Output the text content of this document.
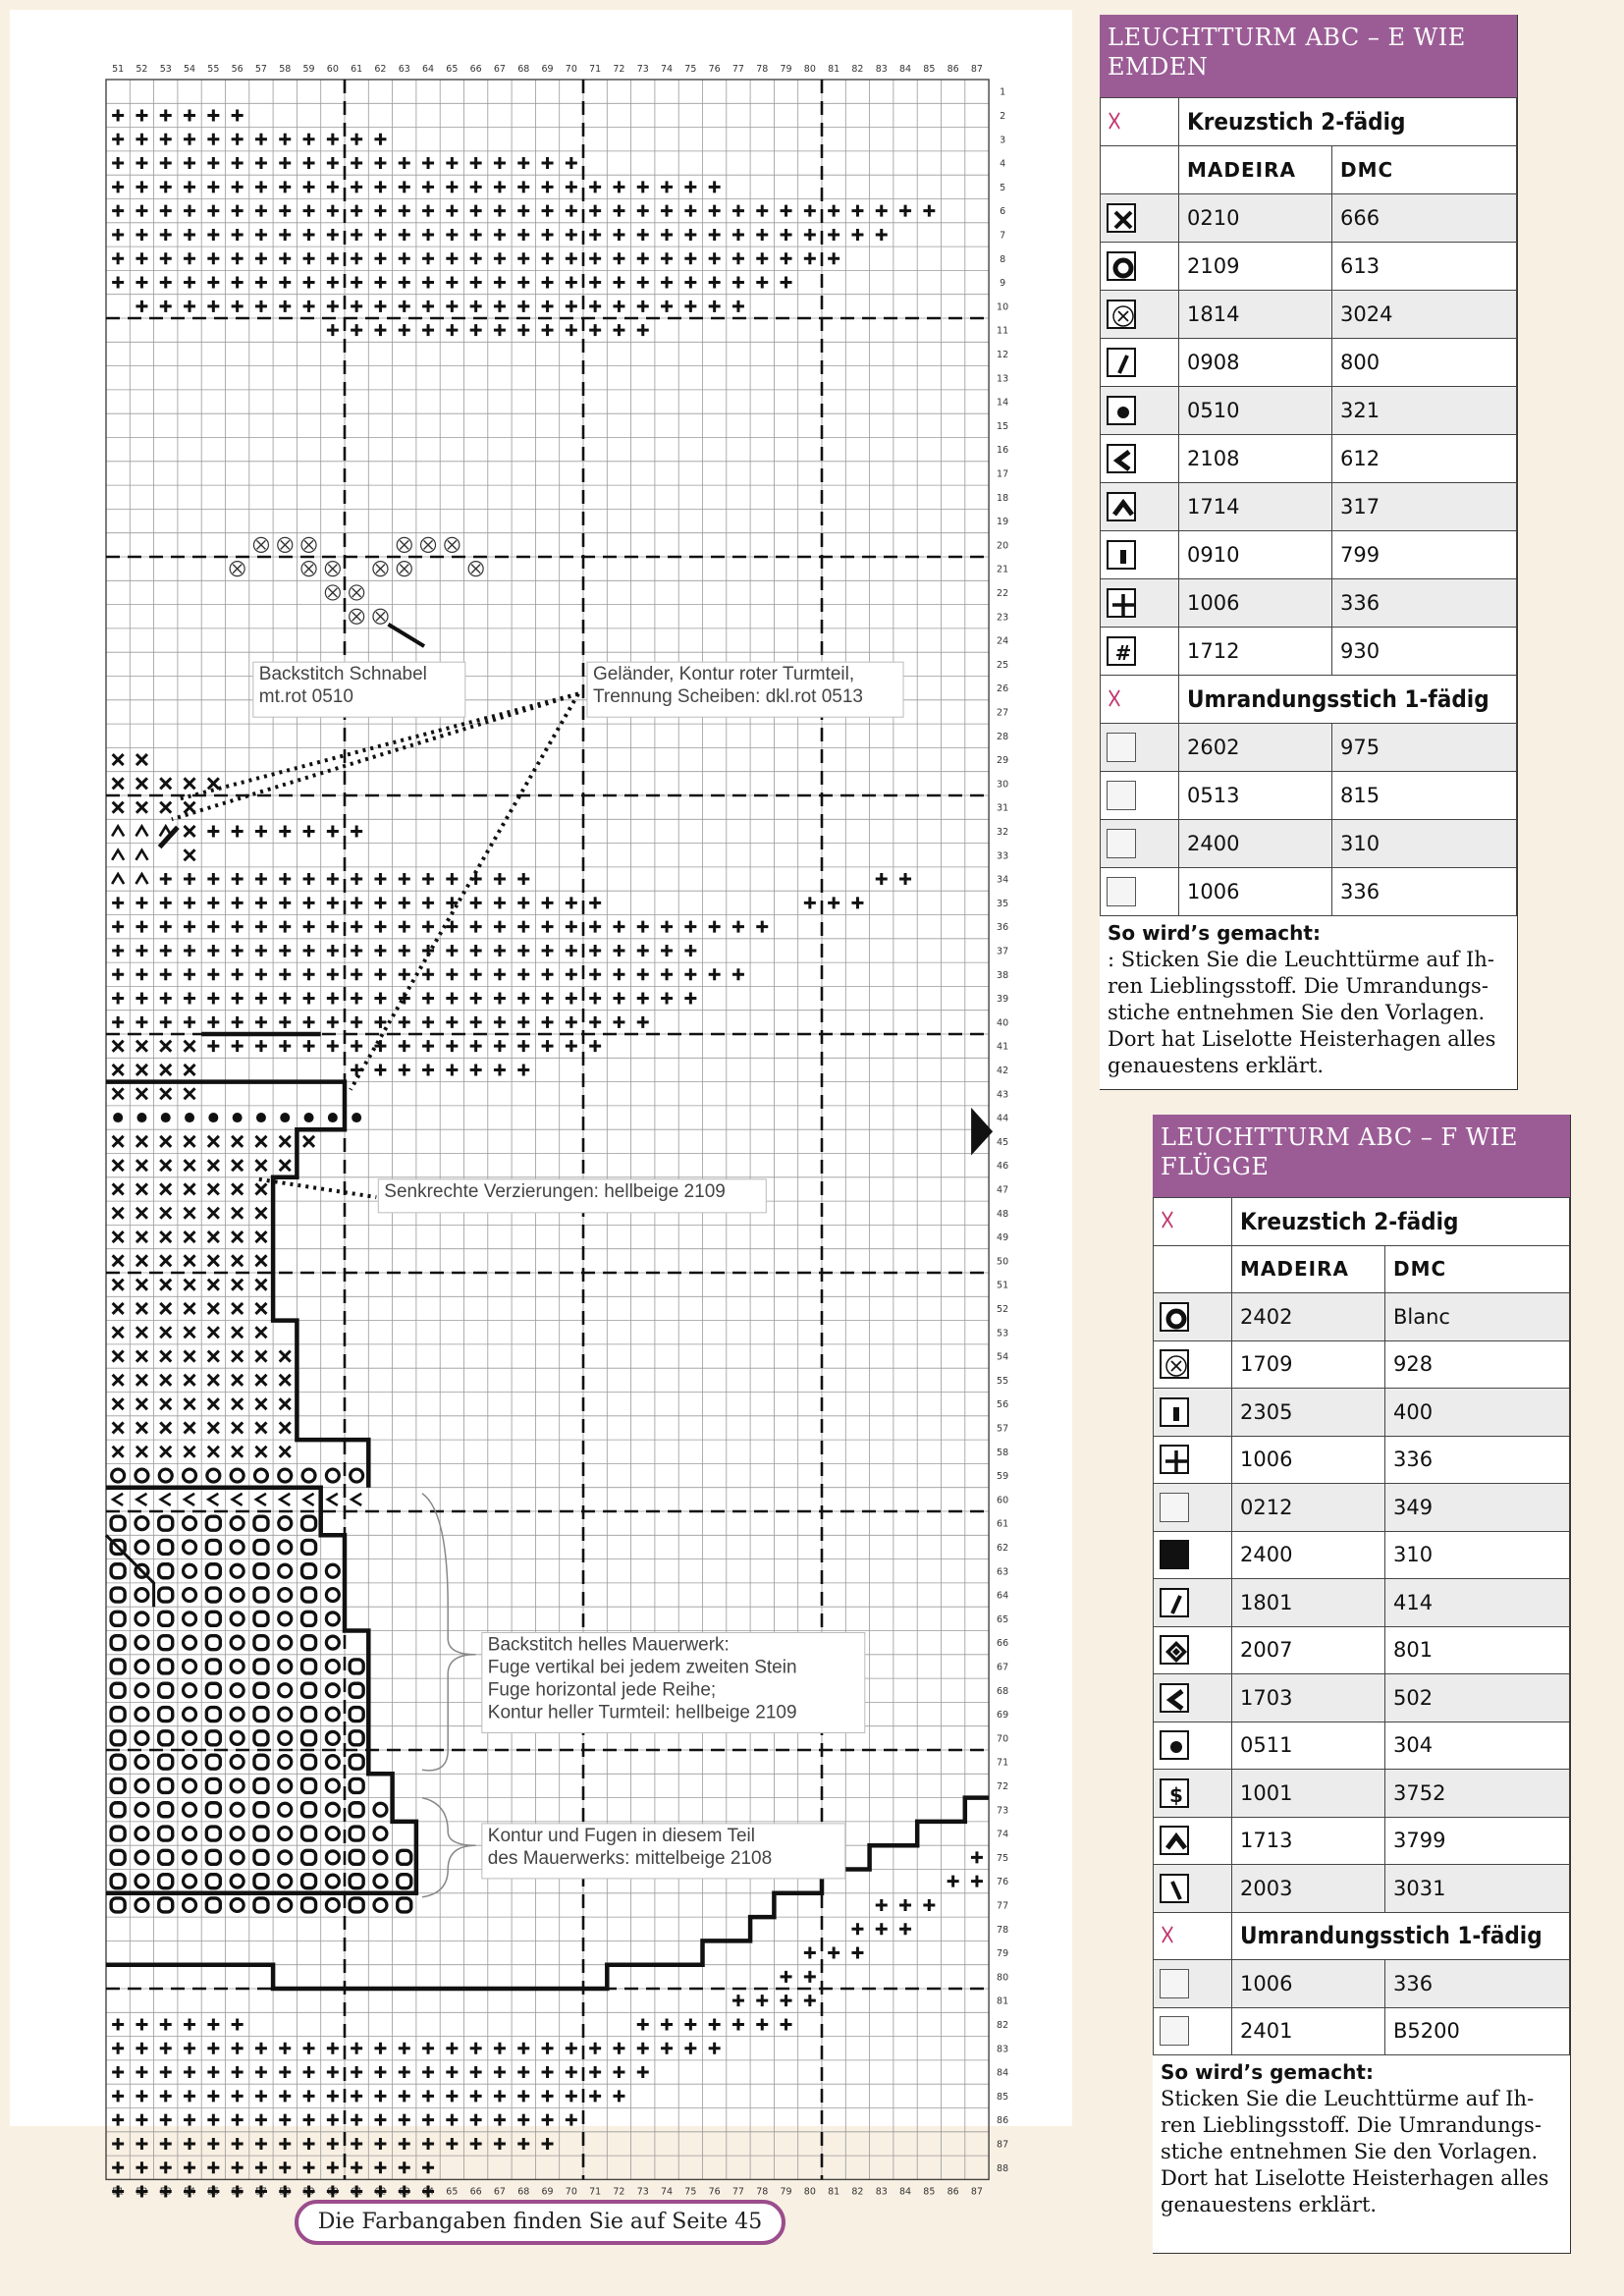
51 52 53 54 55 56 57 58 59 60 61 62 63 64 65
65
66
66
67
67
68
68
69
69
70
70
71
71
72
72
73
73
74
74
75
75
76
76
77
77
78
78
79
79
80
80
81
81
82
82
83
83
84
84
85
85
86
86
87
87
1
2
3
4
5
6
7
8
9
10
11
12
13
14
15
16
17
18
19
20
21
22
23
24
25
26
27
28
29
30
31
32
33
34
35
36
37
38
39
40
41
42
43
44
45
46
47
48
49
50
51
52
53
54
55
56
57
58
59
60
61
62
63
64
65
66
67
68
69
70
71
72
73
74
75
76
77
78
79
80
81
82
83
84
85
86
87
88
Backstitch Schnabel
mt.rot 0510
Geländer, Kontur roter Turmteil,
Trennung Scheiben: dkl.rot 0513
Senkrechte Verzierungen: hellbeige 2109
Backstitch helles Mauerwerk:
Fuge vertikal bei jedem zweiten Stein
Fuge horizontal jede Reihe;
Kontur heller Turmteil: hellbeige 2109
Kontur und Fugen in diesem Teil
des Mauerwerks: mittelbeige 2108
Die Farbangaben finden Sie auf Seite 45
LEUCHTTURM ABC – E WIE EMDEN
☓	Kreuzstich 2-fädig	
	MADEIRA	DMC

	0210	666

	2109	613

	1814	3024

	0908	800

	0510	321

	2108	612

	1714	317

	0910	799

	1006	336

#	1712	930
☓	Umrandungsstich 1-fädig	
	2602	975
	0513	815
	2400	310
	1006	336
So wird’s gemacht:
: Sticken Sie die Leuchttürme auf Ih- ren Lieblingsstoff. Die Umrandungs- stiche entnehmen Sie den Vorlagen. Dort hat Liselotte Heisterhagen alles genauestens erklärt.
LEUCHTTURM ABC – F WIE FLÜGGE
☓	Kreuzstich 2-fädig	
	MADEIRA	DMC

	2402	Blanc

	1709	928

	2305	400

	1006	336
	0212	349
	2400	310

	1801	414

	2007	801

	1703	502

	0511	304

$	1001	3752

	1713	3799

	2003	3031
☓	Umrandungsstich 1-fädig	
	1006	336
	2401	B5200
So wird’s gemacht:
Sticken Sie die Leuchttürme auf Ih- ren Lieblingsstoff. Die Umrandungs- stiche entnehmen Sie den Vorlagen. Dort hat Liselotte Heisterhagen alles genauestens erklärt.
